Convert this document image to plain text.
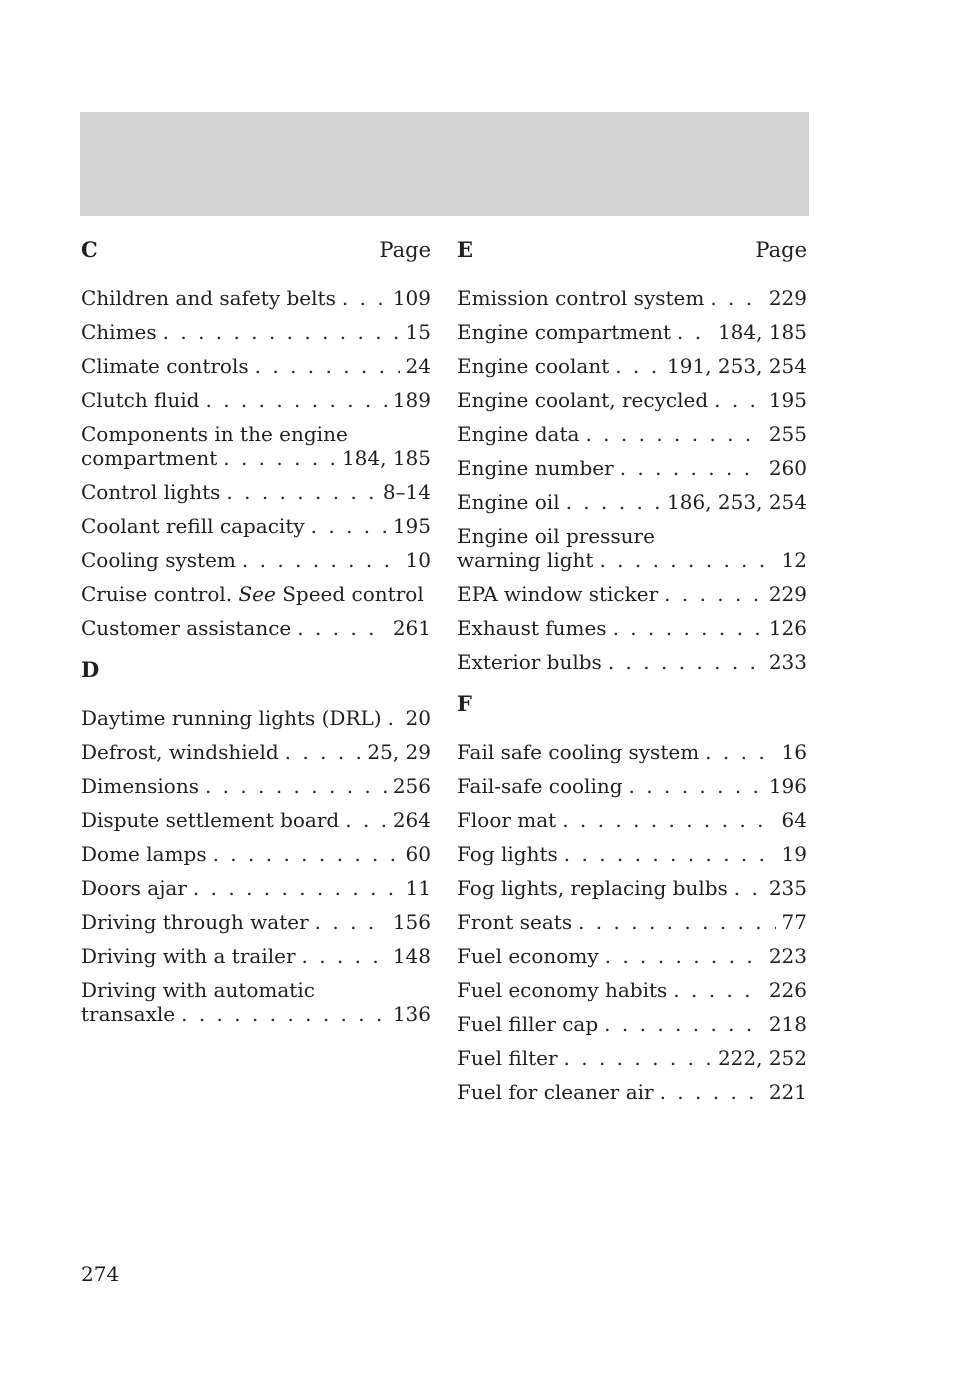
C	Page
Children and safety belts . . .	109
Chimes . . .	15
Climate controls . . .	24
Clutch fluid . . .	189
Components in the engine
compartment . . .	184, 185
Control lights . . .	8–14
Coolant refill capacity . . .	195
Cooling system . . .	10
Cruise control. See Speed control
Customer assistance . . .	261
D
Daytime running lights (DRL) . . . 20
Defrost, windshield . . .	25, 29
Dimensions . . .	256
Dispute settlement board . . .	264
Dome lamps . . .	60
Doors ajar . . .	11
Driving through water . . .	156
Driving with a trailer . . .	148
Driving with automatic
transaxle . . .	136
E	Page
Emission control system . . .	229
Engine compartment . . . 184, 185
Engine coolant . . .	191, 253, 254
Engine coolant, recycled . . .	195
Engine data . . .	255
Engine number . . .	260
Engine oil . . .	186, 253, 254
Engine oil pressure
warning light . . .	12
EPA window sticker . . .	229
Exhaust fumes . . .	126
Exterior bulbs . . .	233
F
Fail safe cooling system . . .	16
Fail-safe cooling . . .	196
Floor mat . . .	64
Fog lights . . .	19
Fog lights, replacing bulbs . . . 235
Front seats . . .	77
Fuel economy . . .	223
Fuel economy habits . . .	226
Fuel filler cap . . .	218
Fuel filter . . .	222, 252
Fuel for cleaner air . . .	221
274
